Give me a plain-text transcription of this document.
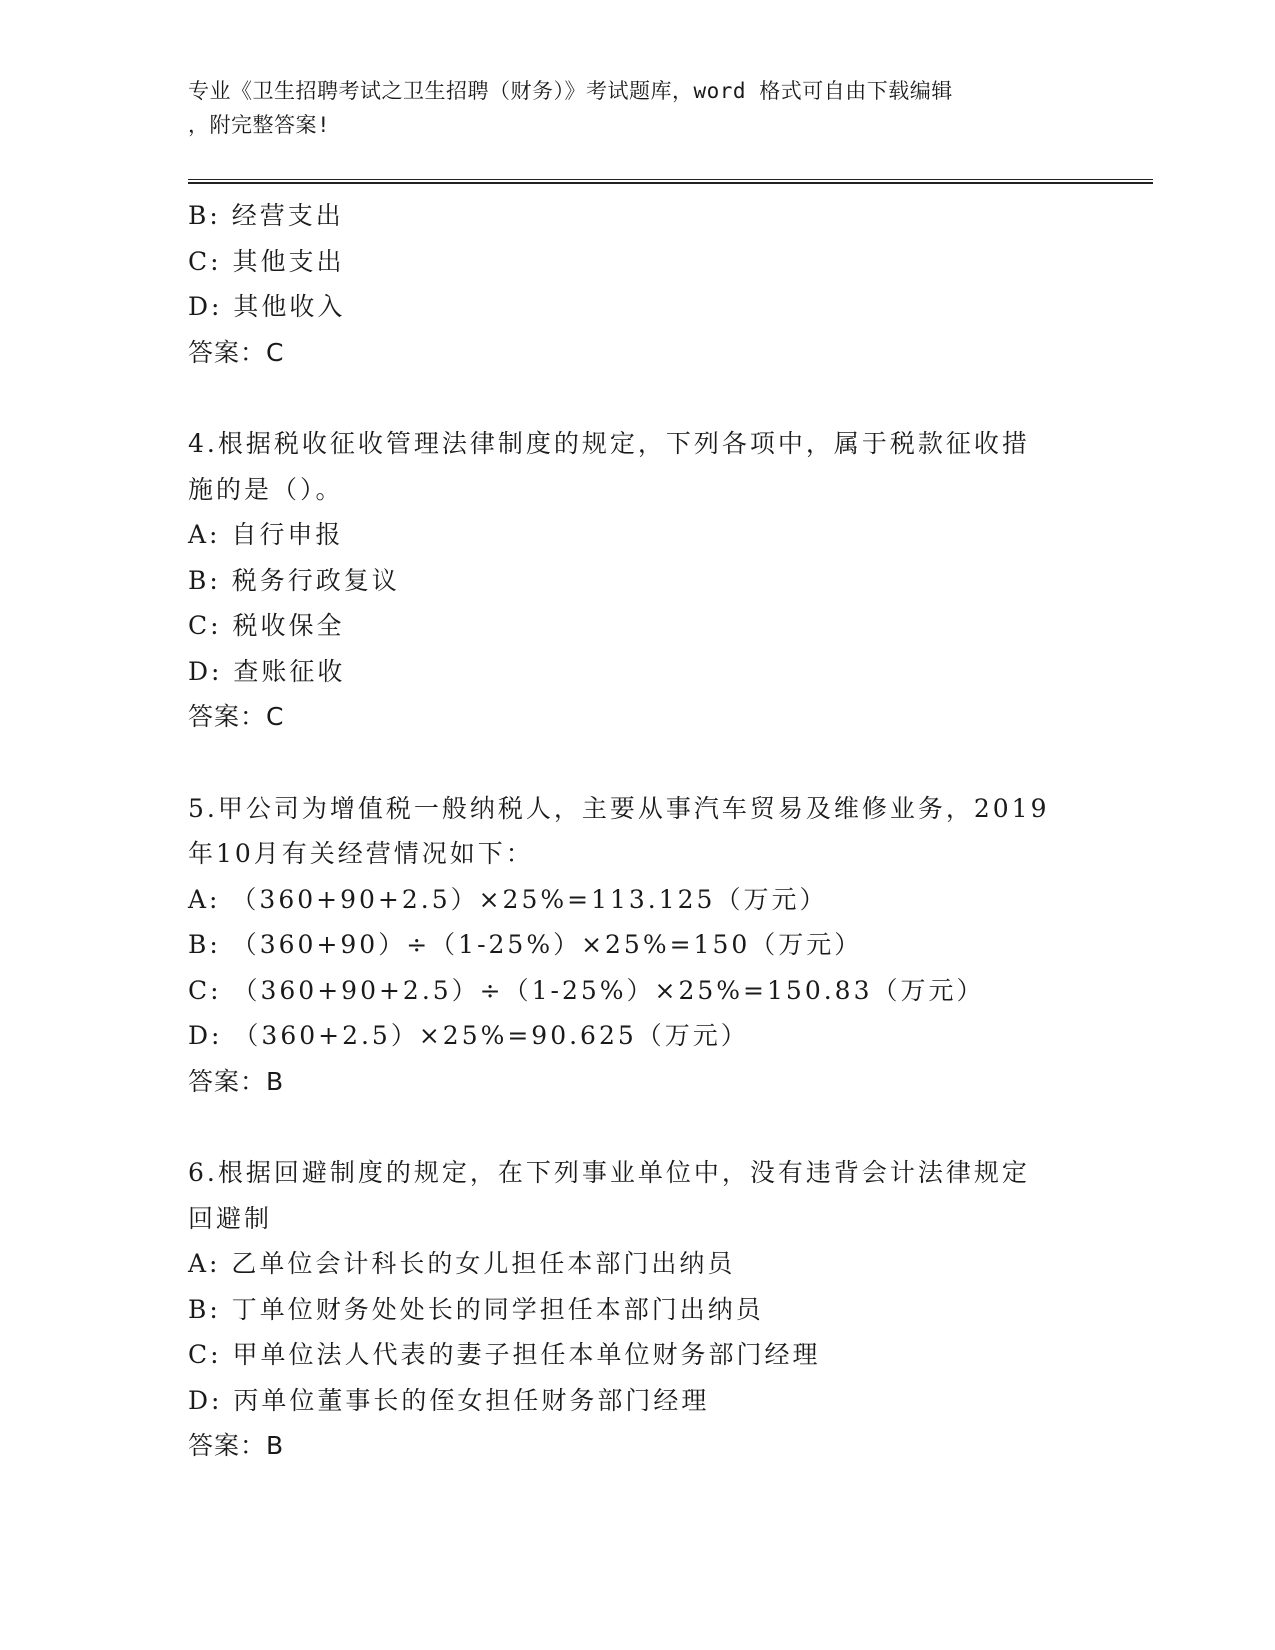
专业《卫生招聘考试之卫生招聘（财务）》考试题库，word 格式可自由下载编辑
，附完整答案!
B: 经营支出
C: 其他支出
D: 其他收入
答案：C
4.根据税收征收管理法律制度的规定，下列各项中，属于税款征收措
施的是（）。
A: 自行申报
B: 税务行政复议
C: 税收保全
D: 查账征收
答案：C
5.甲公司为增值税一般纳税人，主要从事汽车贸易及维修业务，2019
年10月有关经营情况如下：
A: （360+90+2.5）×25%=113.125（万元）
B: （360+90）÷（1-25%）×25%=150（万元）
C: （360+90+2.5）÷（1-25%）×25%=150.83（万元）
D: （360+2.5）×25%=90.625（万元）
答案：B
6.根据回避制度的规定，在下列事业单位中，没有违背会计法律规定
回避制
A: 乙单位会计科长的女儿担任本部门出纳员
B: 丁单位财务处处长的同学担任本部门出纳员
C: 甲单位法人代表的妻子担任本单位财务部门经理
D: 丙单位董事长的侄女担任财务部门经理
答案：B
